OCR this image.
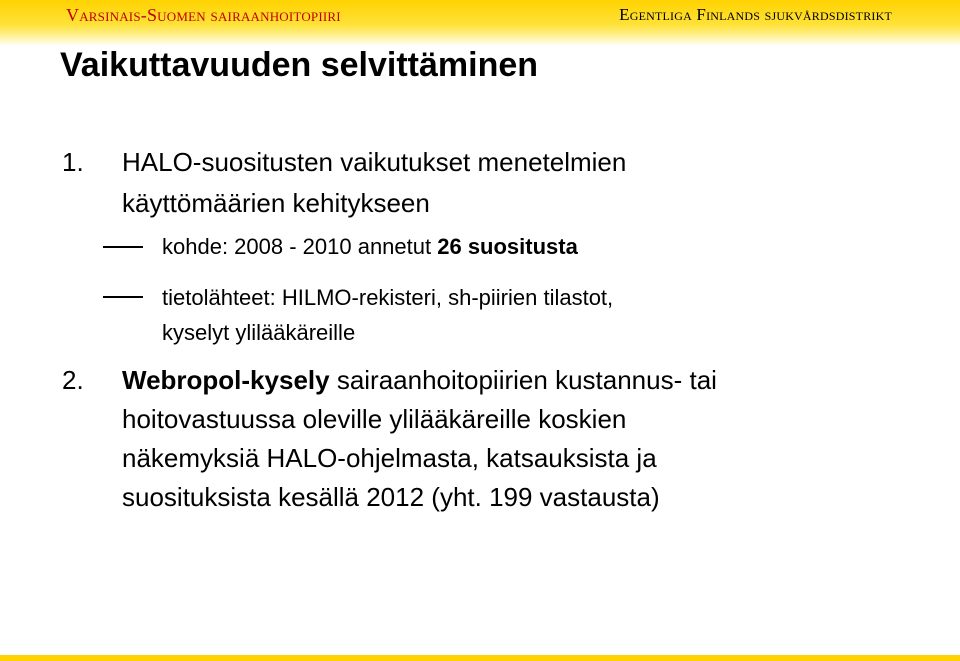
Varsinais-Suomen sairaanhoitopiiri	Egentliga Finlands sjukvårdsdistrikt
Vaikuttavuuden selvittäminen
1. HALO-suositusten vaikutukset menetelmien
käyttömäärien kehitykseen
kohde: 2008 - 2010 annetut 26 suositusta
tietolähteet: HILMO-rekisteri, sh-piirien tilastot,
kyselyt ylilääkäreille
2. Webropol-kysely sairaanhoitopiirien kustannus- tai
hoitovastuussa oleville ylilääkäreille koskien
näkemyksiä HALO-ohjelmasta, katsauksista ja
suosituksista kesällä 2012 (yht. 199 vastausta)
